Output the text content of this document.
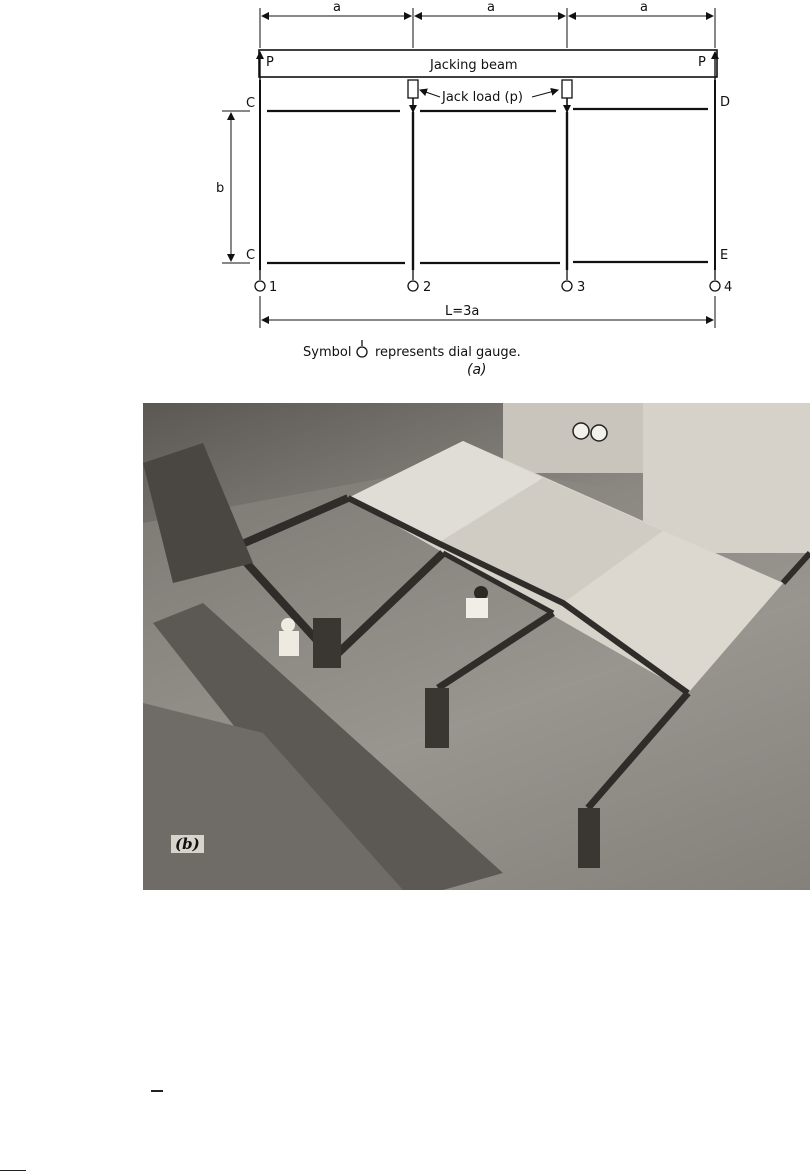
a	a	a
Jacking beam
P	P
Jack load (p)
C
C
D
E
b
1	2	3	4
L=3a
Symbol represents dial gauge.
(a)
(b)
